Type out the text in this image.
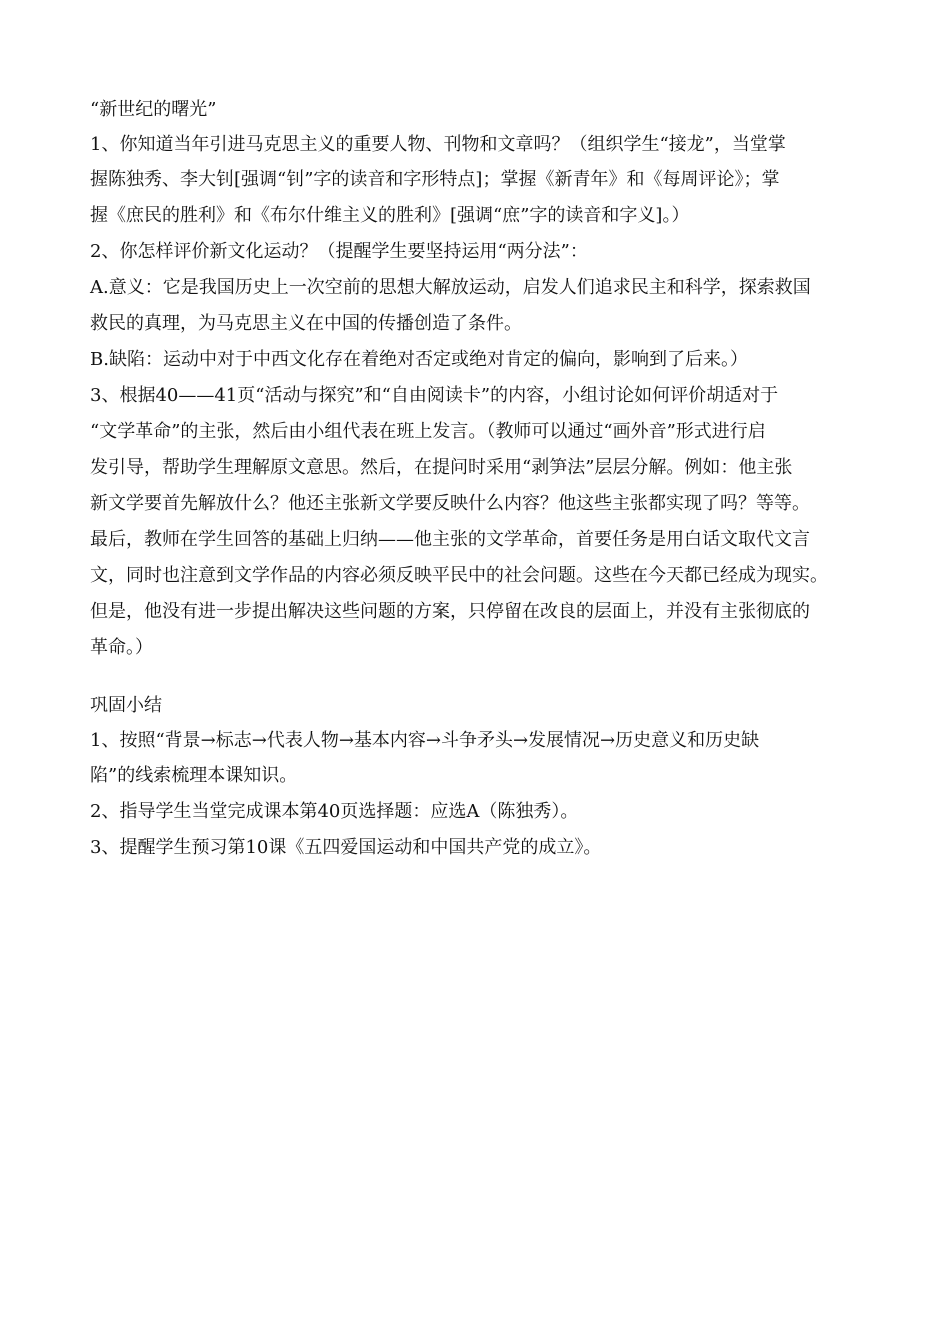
“新世纪的曙光”
1、你知道当年引进马克思主义的重要人物、刊物和文章吗？（组织学生“接龙”，当堂掌
握陈独秀、李大钊[强调“钊”字的读音和字形特点]；掌握《新青年》和《每周评论》；掌
握《庶民的胜利》和《布尔什维主义的胜利》[强调“庶”字的读音和字义]。）
2、你怎样评价新文化运动？（提醒学生要坚持运用“两分法”：
A.意义：它是我国历史上一次空前的思想大解放运动，启发人们追求民主和科学，探索救国
救民的真理，为马克思主义在中国的传播创造了条件。
B.缺陷：运动中对于中西文化存在着绝对否定或绝对肯定的偏向，影响到了后来。）
3、根据40——41页“活动与探究”和“自由阅读卡”的内容，小组讨论如何评价胡适对于
“文学革命”的主张，然后由小组代表在班上发言。（教师可以通过“画外音”形式进行启
发引导，帮助学生理解原文意思。然后，在提问时采用“剥笋法”层层分解。例如：他主张
新文学要首先解放什么？他还主张新文学要反映什么内容？他这些主张都实现了吗？等等。
最后，教师在学生回答的基础上归纳——他主张的文学革命，首要任务是用白话文取代文言
文，同时也注意到文学作品的内容必须反映平民中的社会问题。这些在今天都已经成为现实。
但是，他没有进一步提出解决这些问题的方案，只停留在改良的层面上，并没有主张彻底的
革命。）
巩固小结
1、按照“背景→标志→代表人物→基本内容→斗争矛头→发展情况→历史意义和历史缺
陷”的线索梳理本课知识。
2、指导学生当堂完成课本第40页选择题：应选A（陈独秀）。
3、提醒学生预习第10课《五四爱国运动和中国共产党的成立》。
